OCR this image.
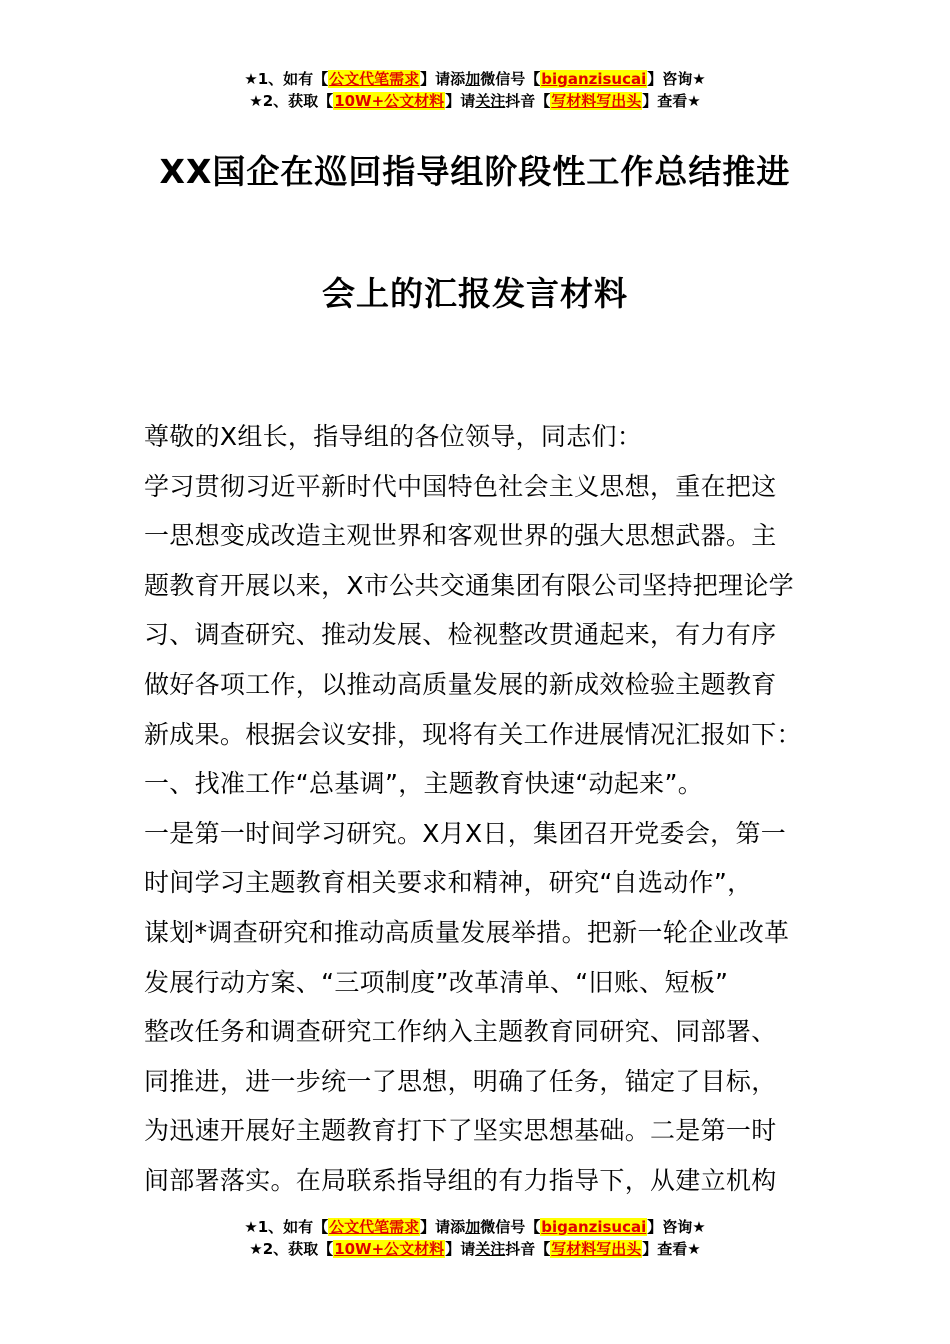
★1、如有【公文代笔需求】请添加微信号【biganzisucai】咨询★
★2、获取【10W+公文材料】请关注抖音【写材料写出头】查看★
XX国企在巡回指导组阶段性工作总结推进
会上的汇报发言材料
尊敬的X组长，指导组的各位领导，同志们：
学习贯彻习近平新时代中国特色社会主义思想，重在把这
一思想变成改造主观世界和客观世界的强大思想武器。主
题教育开展以来，X市公共交通集团有限公司坚持把理论学
习、调查研究、推动发展、检视整改贯通起来，有力有序
做好各项工作，以推动高质量发展的新成效检验主题教育
新成果。根据会议安排，现将有关工作进展情况汇报如下：
一、找准工作“总基调”，主题教育快速“动起来”。
一是第一时间学习研究。X月X日，集团召开党委会，第一
时间学习主题教育相关要求和精神，研究“自选动作”，
谋划*调查研究和推动高质量发展举措。把新一轮企业改革
发展行动方案、“三项制度”改革清单、“旧账、短板”
整改任务和调查研究工作纳入主题教育同研究、同部署、
同推进，进一步统一了思想，明确了任务，锚定了目标，
为迅速开展好主题教育打下了坚实思想基础。二是第一时
间部署落实。在局联系指导组的有力指导下，从建立机构
★1、如有【公文代笔需求】请添加微信号【biganzisucai】咨询★
★2、获取【10W+公文材料】请关注抖音【写材料写出头】查看★
